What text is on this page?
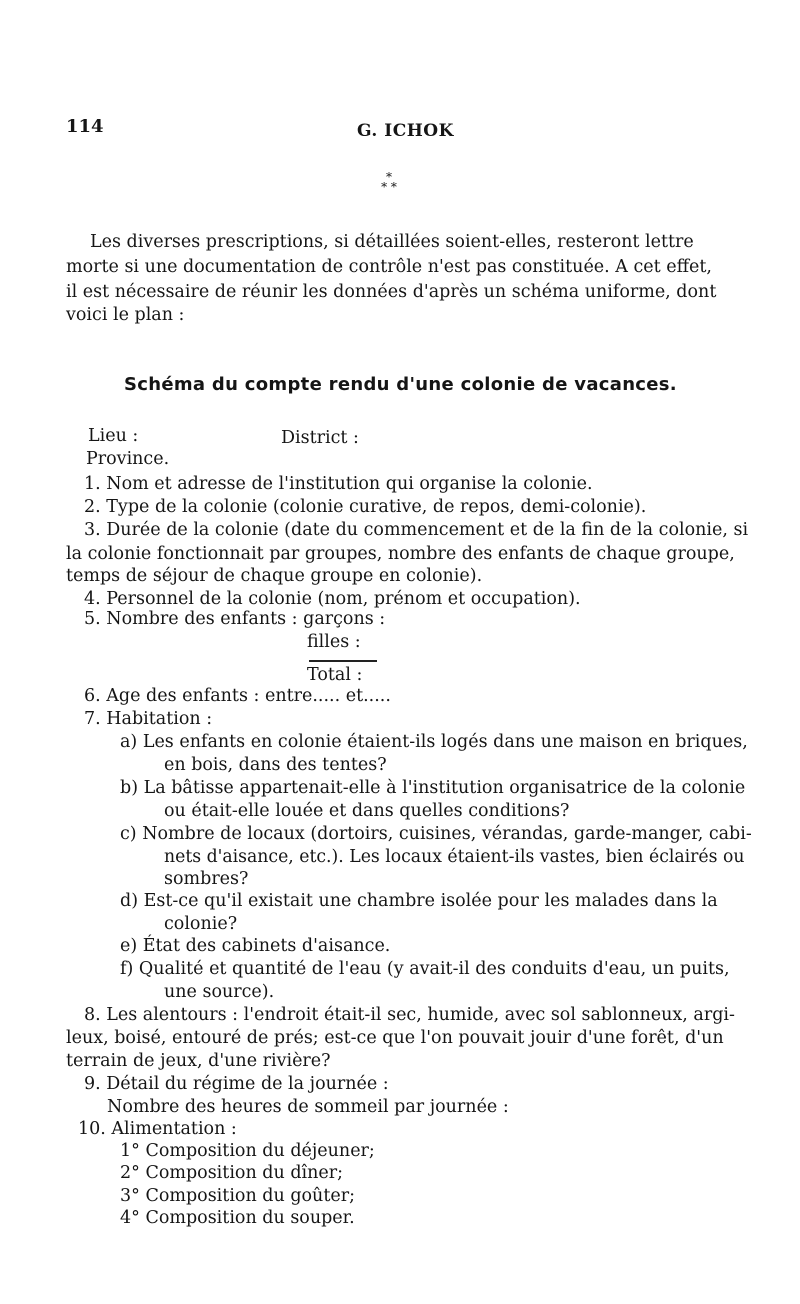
114	G. ICHOK
*
* *
Les diverses prescriptions, si détaillées soient-elles, resteront lettre
morte si une documentation de contrôle n'est pas constituée. A cet effet,
il est nécessaire de réunir les données d'après un schéma uniforme, dont
voici le plan :
Schéma du compte rendu d'une colonie de vacances.
Lieu :	District :
Province.
1. Nom et adresse de l'institution qui organise la colonie.
2. Type de la colonie (colonie curative, de repos, demi-colonie).
3. Durée de la colonie (date du commencement et de la fin de la colonie, si
la colonie fonctionnait par groupes, nombre des enfants de chaque groupe,
temps de séjour de chaque groupe en colonie).
4. Personnel de la colonie (nom, prénom et occupation).
5. Nombre des enfants : garçons :
filles :
Total :
6. Age des enfants : entre..... et.....
7. Habitation :
a) Les enfants en colonie étaient-ils logés dans une maison en briques,
en bois, dans des tentes?
b) La bâtisse appartenait-elle à l'institution organisatrice de la colonie
ou était-elle louée et dans quelles conditions?
c) Nombre de locaux (dortoirs, cuisines, vérandas, garde-manger, cabi-
nets d'aisance, etc.). Les locaux étaient-ils vastes, bien éclairés ou
sombres?
d) Est-ce qu'il existait une chambre isolée pour les malades dans la
colonie?
e) État des cabinets d'aisance.
f) Qualité et quantité de l'eau (y avait-il des conduits d'eau, un puits,
une source).
8. Les alentours : l'endroit était-il sec, humide, avec sol sablonneux, argi-
leux, boisé, entouré de prés; est-ce que l'on pouvait jouir d'une forêt, d'un
terrain de jeux, d'une rivière?
9. Détail du régime de la journée :
Nombre des heures de sommeil par journée :
10. Alimentation :
1° Composition du déjeuner;
2° Composition du dîner;
3° Composition du goûter;
4° Composition du souper.
